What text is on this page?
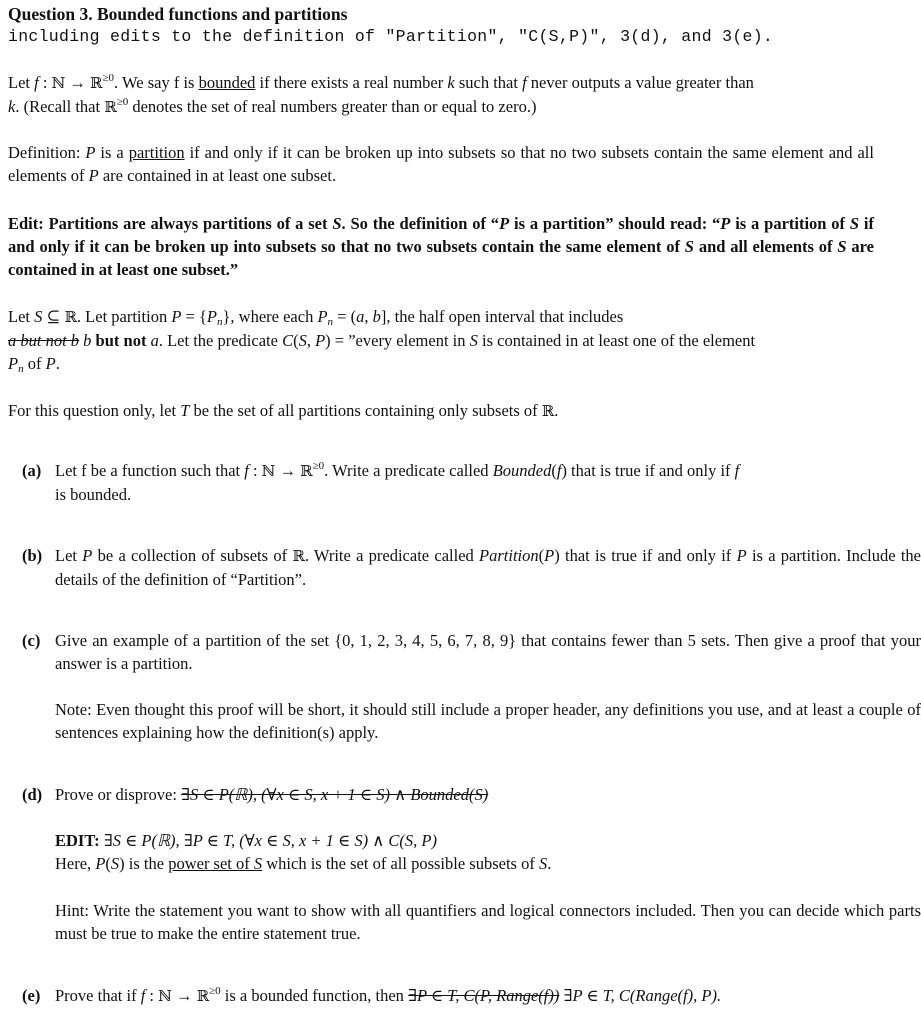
Question 3. Bounded functions and partitions
including edits to the definition of "Partition", "C(S,P)", 3(d), and 3(e).
Let f : ℕ → ℝ$^{\ge 0}$. We say f is bounded if there exists a real number k such that f never outputs a value greater than
k. (Recall that ℝ$^{\ge 0}$ denotes the set of real numbers greater than or equal to zero.)
Definition: P is a partition if and only if it can be broken up into subsets so that no two subsets contain the same element and all elements of P are contained in at least one subset.
Edit: Partitions are always partitions of a set S. So the definition of “P is a partition” should read: “P is a partition of S if and only if it can be broken up into subsets so that no two subsets contain the same element of S and all elements of S are contained in at least one subset.”
Let S ⊆ ℝ. Let partition $P = \{P_n\}$, where each $P_n = (a$, b], the half open interval that includes
a but not b b but not a. Let the predicate C(S, P) = ”every element in S is contained in at least one of the element
$P_n$ of P.
For this question only, let T be the set of all partitions containing only subsets of ℝ.
(a) Let f be a function such that f : ℕ → ℝ$^{\ge 0}$. Write a predicate called Bounded(f) that is true if and only if f
is bounded.
(b) Let P be a collection of subsets of ℝ. Write a predicate called Partition(P) that is true if and only if P is a partition. Include the details of the definition of “Partition”.
(c) Give an example of a partition of the set {0, 1, 2, 3, 4, 5, 6, 7, 8, 9} that contains fewer than 5 sets. Then give a proof that your answer is a partition.
Note: Even thought this proof will be short, it should still include a proper header, any definitions you use, and at least a couple of sentences explaining how the definition(s) apply.
(d) Prove or disprove: ∃S ∈ P(ℝ), (∀x ∈ S, x + 1 ∈ S) ∧ Bounded(S)
EDIT: ∃S ∈ P(ℝ), ∃P ∈ T, (∀x ∈ S, x + 1 ∈ S) ∧ C(S, P)
Here, P(S) is the power set of S which is the set of all possible subsets of S.
Hint: Write the statement you want to show with all quantifiers and logical connectors included. Then you can decide which parts must be true to make the entire statement true.
(e) Prove that if f : ℕ → ℝ$^{\ge 0}$ is a bounded function, then ∃P ∈ T, C(P, Range(f)) ∃P ∈ T, C(Range(f), P).
